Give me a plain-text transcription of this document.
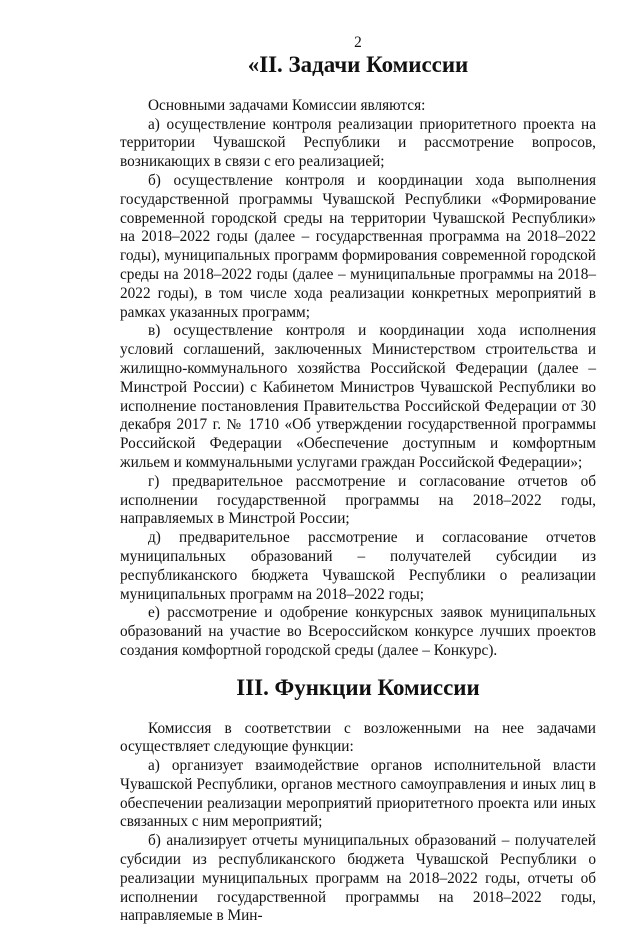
2
«II. Задачи Комиссии

Основными задачами Комиссии являются:

а) осуществление контроля реализации приоритетного проекта на территории Чувашской Республики и рассмотрение вопросов, возникающих в связи с его реализацией;

б) осуществление контроля и координации хода выполнения государственной программы Чувашской Республики «Формирование современной городской среды на территории Чувашской Республики» на 2018–2022 годы (далее – государственная программа на 2018–2022 годы), муниципальных программ формирования современной городской среды на 2018–2022 годы (далее – муниципальные программы на 2018–2022 годы), в том числе хода реализации конкретных мероприятий в рамках указанных программ;

в) осуществление контроля и координации хода исполнения условий соглашений, заключенных Министерством строительства и жилищно-коммунального хозяйства Российской Федерации (далее – Минстрой России) с Кабинетом Министров Чувашской Республики во исполнение постановления Правительства Российской Федерации от 30 декабря 2017 г. № 1710 «Об утверждении государственной программы Российской Федерации «Обеспечение доступным и комфортным жильем и коммунальными услугами граждан Российской Федерации»;

г) предварительное рассмотрение и согласование отчетов об исполнении государственной программы на 2018–2022 годы, направляемых в Минстрой России;

д) предварительное рассмотрение и согласование отчетов муниципальных образований – получателей субсидии из республиканского бюджета Чувашской Республики о реализации муниципальных программ на 2018–2022 годы;

е) рассмотрение и одобрение конкурсных заявок муниципальных образований на участие во Всероссийском конкурсе лучших проектов создания комфортной городской среды (далее – Конкурс).

III. Функции Комиссии

Комиссия в соответствии с возложенными на нее задачами осуществляет следующие функции:

а) организует взаимодействие органов исполнительной власти Чувашской Республики, органов местного самоуправления и иных лиц в обеспечении реализации мероприятий приоритетного проекта или иных связанных с ним мероприятий;

б) анализирует отчеты муниципальных образований – получателей субсидии из республиканского бюджета Чувашской Республики о реализации муниципальных программ на 2018–2022 годы, отчеты об исполнении государственной программы на 2018–2022 годы, направляемые в Мин-
